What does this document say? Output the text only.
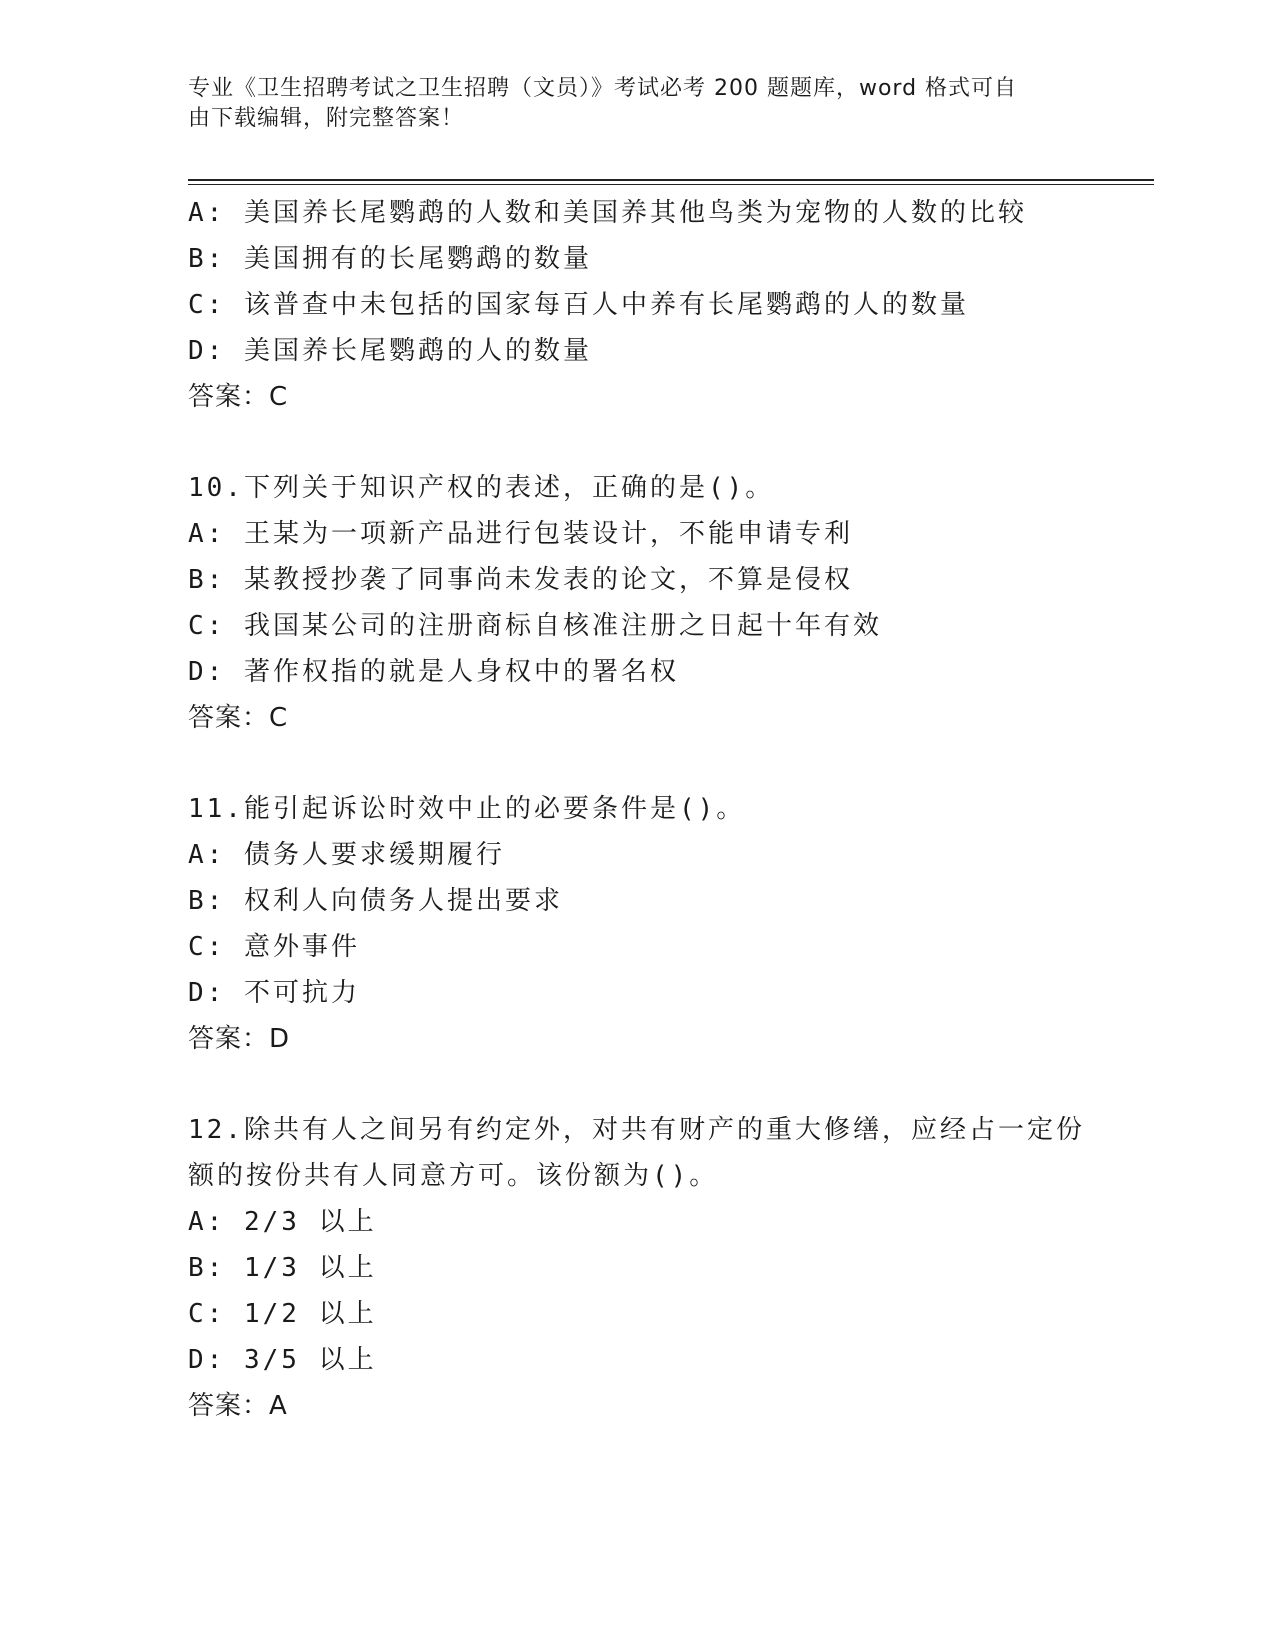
专业《卫生招聘考试之卫生招聘（文员）》考试必考 200 题题库，word 格式可自
由下载编辑，附完整答案！
A: 美国养长尾鹦鹉的人数和美国养其他鸟类为宠物的人数的比较
B: 美国拥有的长尾鹦鹉的数量
C: 该普查中未包括的国家每百人中养有长尾鹦鹉的人的数量
D: 美国养长尾鹦鹉的人的数量
答案：C
10.下列关于知识产权的表述，正确的是()。
A: 王某为一项新产品进行包装设计，不能申请专利
B: 某教授抄袭了同事尚未发表的论文，不算是侵权
C: 我国某公司的注册商标自核准注册之日起十年有效
D: 著作权指的就是人身权中的署名权
答案：C
11.能引起诉讼时效中止的必要条件是()。
A: 债务人要求缓期履行
B: 权利人向债务人提出要求
C: 意外事件
D: 不可抗力
答案：D
12.除共有人之间另有约定外，对共有财产的重大修缮，应经占一定份
额的按份共有人同意方可。该份额为()。
A: 2/3 以上
B: 1/3 以上
C: 1/2 以上
D: 3/5 以上
答案：A
